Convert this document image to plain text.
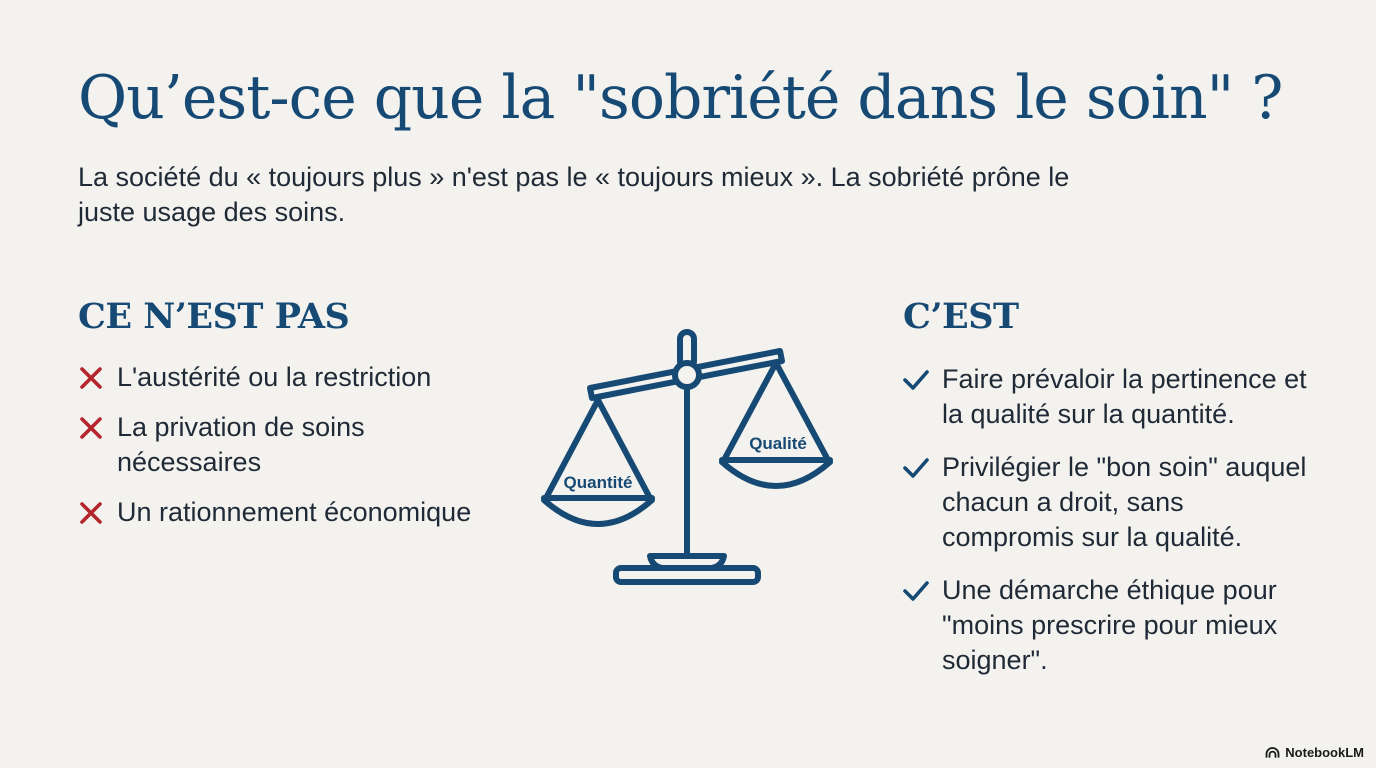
Qu’est-ce que la "sobriété dans le soin" ?

La société du « toujours plus » n'est pas le « toujours mieux ». La sobriété prône le juste usage des soins.

CE N’EST PAS
L'austérité ou la restriction
La privation de soins nécessaires
Un rationnement économique
Quantité
Qualité
C’EST
Faire prévaloir la pertinence et la qualité sur la quantité.
Privilégier le "bon soin" auquel chacun a droit, sans compromis sur la qualité.
Une démarche éthique pour "moins prescrire pour mieux soigner".
NotebookLM
